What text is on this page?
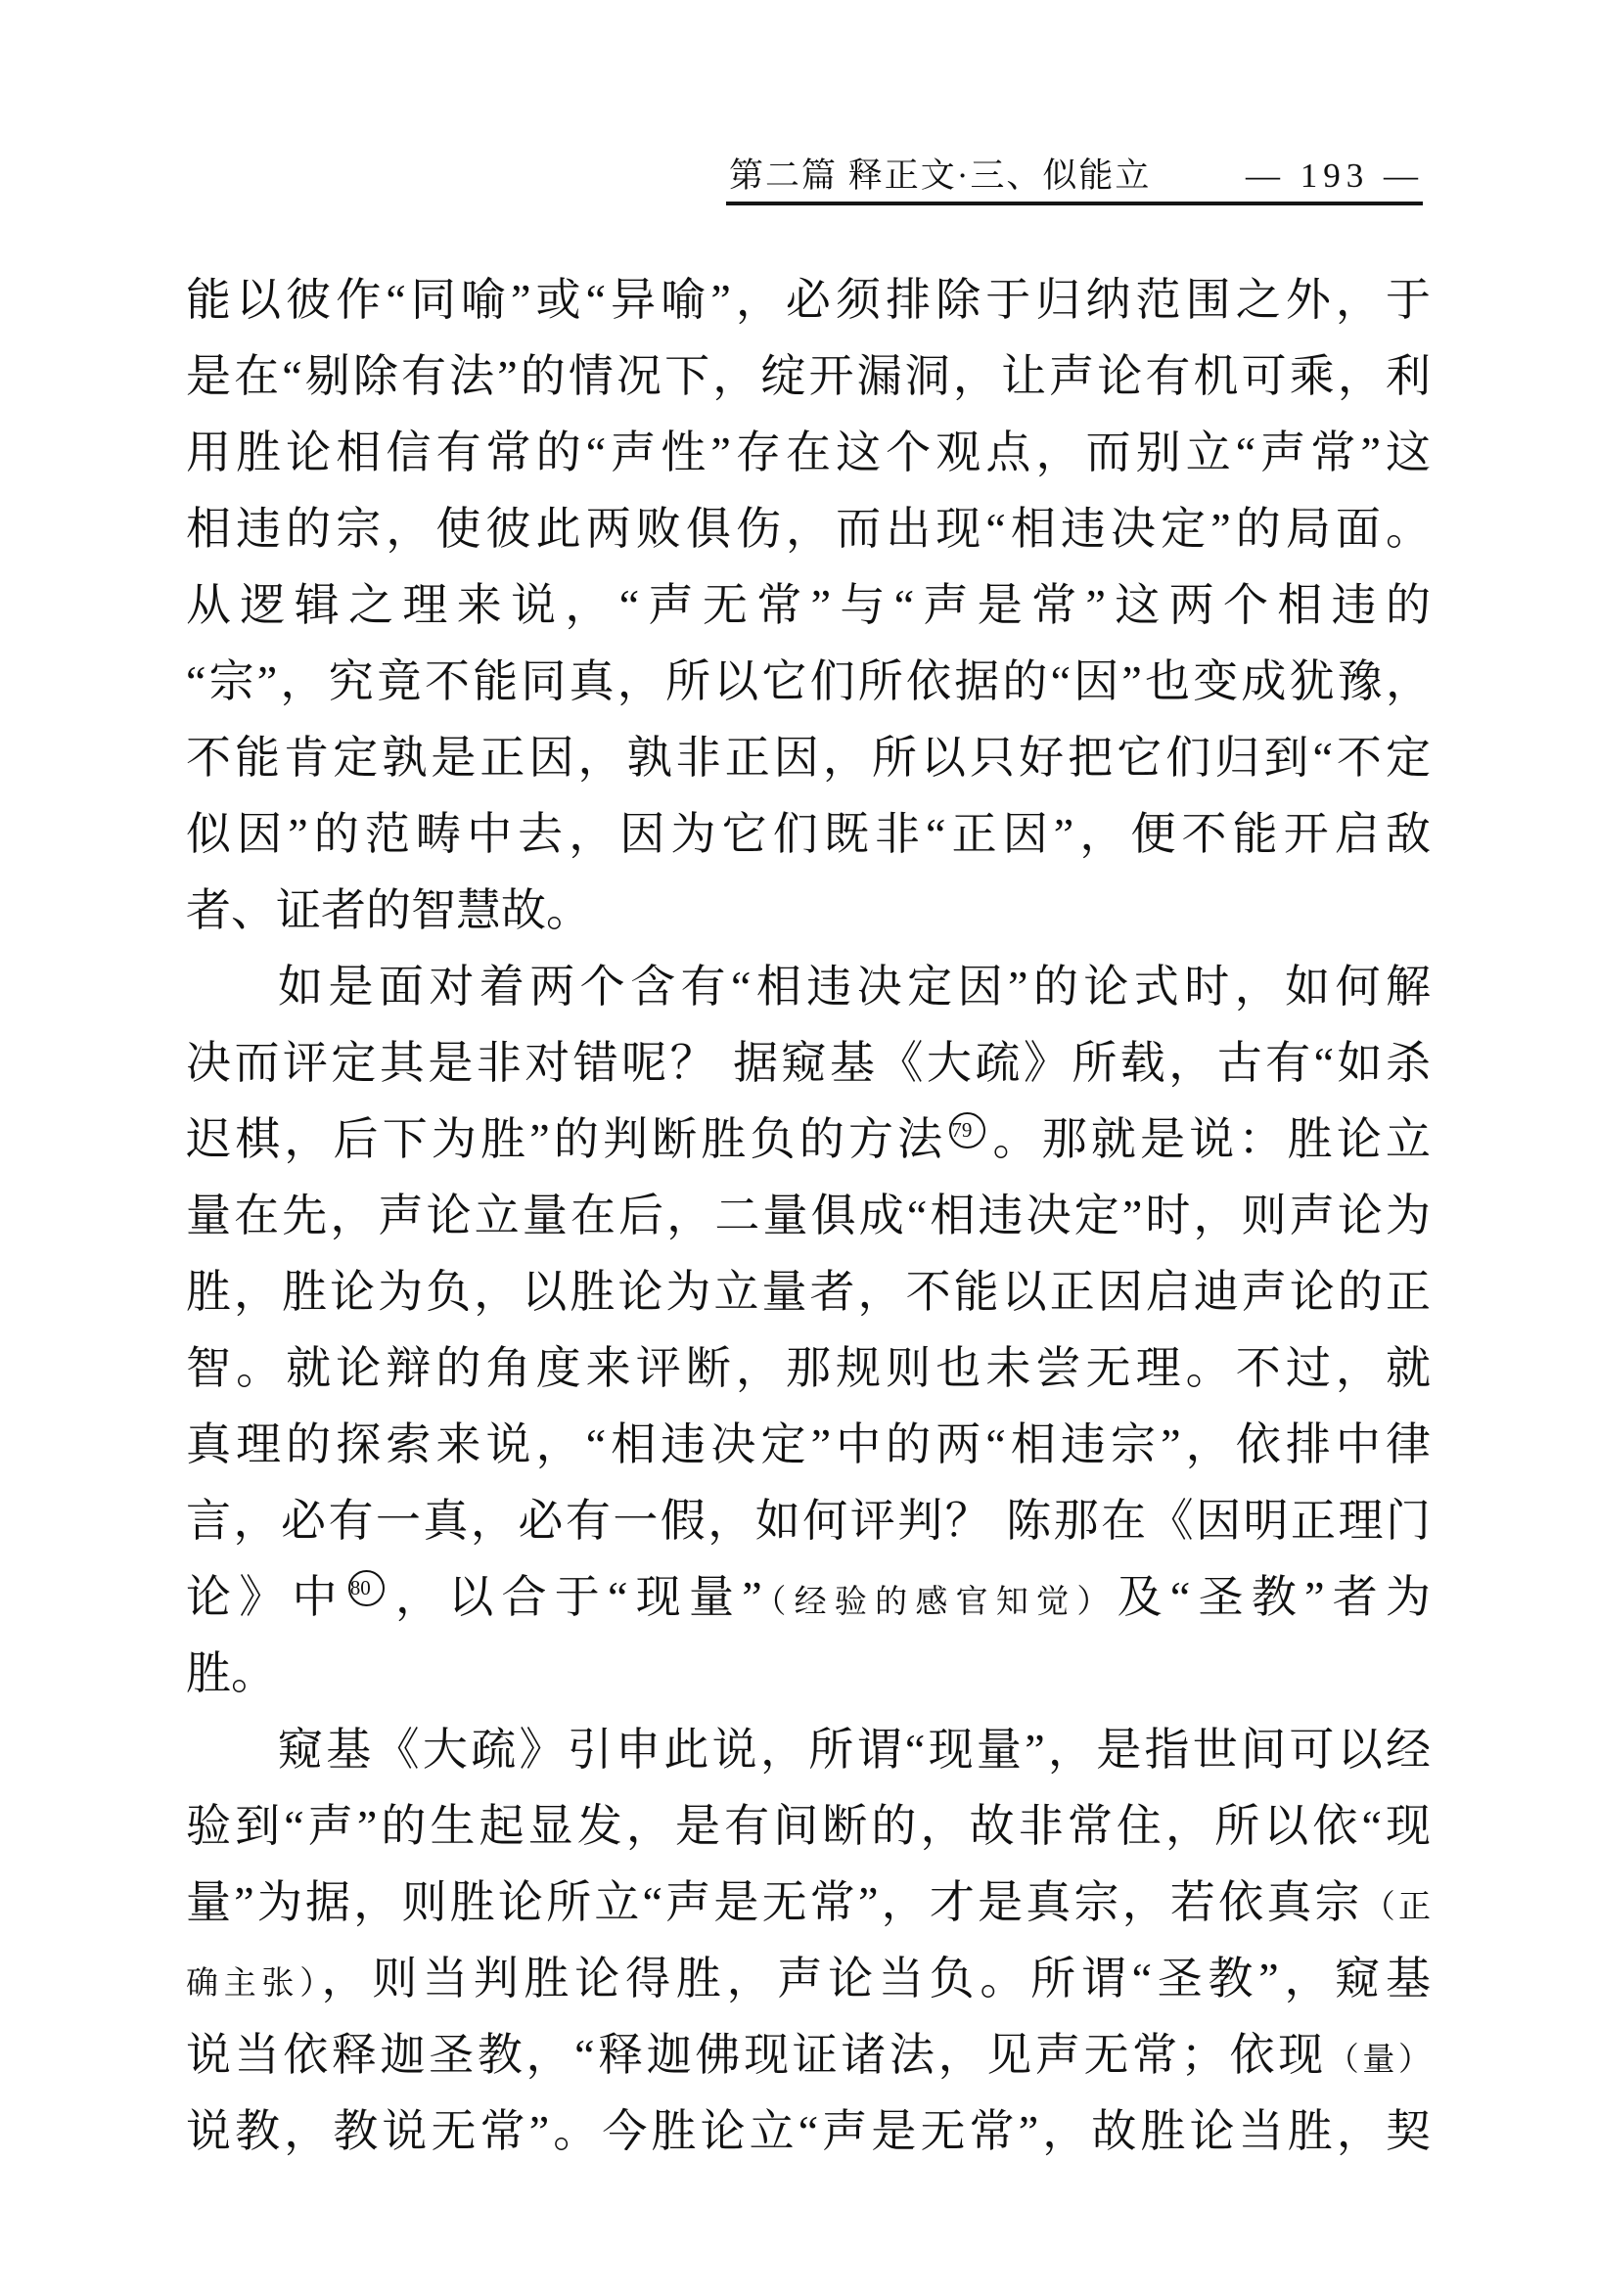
第二篇 释正文·三、似能立	— 193 —
能以彼作“同喻”或“异喻”，必须排除于归纳范围之外，于
是在“剔除有法”的情况下，绽开漏洞，让声论有机可乘，利
用胜论相信有常的“声性”存在这个观点，而别立“声常”这
相违的宗，使彼此两败俱伤，而出现“相违决定”的局面。
从逻辑之理来说，“声无常”与“声是常”这两个相违的
“宗”，究竟不能同真，所以它们所依据的“因”也变成犹豫，
不能肯定孰是正因，孰非正因，所以只好把它们归到“不定
似因”的范畴中去，因为它们既非“正因”，便不能开启敌
者、证者的智慧故。
如是面对着两个含有“相违决定因”的论式时，如何解
决而评定其是非对错呢？ 据窥基《大疏》所载，古有“如杀
迟棋，后下为胜”的判断胜负的方法 79 。那就是说：胜论立
量在先，声论立量在后，二量俱成“相违决定”时，则声论为
胜，胜论为负，以胜论为立量者，不能以正因启迪声论的正
智。就论辩的角度来评断，那规则也未尝无理。不过，就
真理的探索来说，“相违决定”中的两“相违宗”，依排中律
言，必有一真，必有一假，如何评判？ 陈那在《因明正理门
论》中 80 ，以合于“现量”（经验的感官知觉）及“圣教”者为
胜。
窥基《大疏》引申此说，所谓“现量”，是指世间可以经
验到“声”的生起显发，是有间断的，故非常住，所以依“现
量”为据，则胜论所立“声是无常”，才是真宗，若依真宗（正
确主张），则当判胜论得胜，声论当负。所谓“圣教”，窥基
说当依释迦圣教，“释迦佛现证诸法，见声无常；依现（量）
说教，教说无常”。今胜论立“声是无常”，故胜论当胜，契
